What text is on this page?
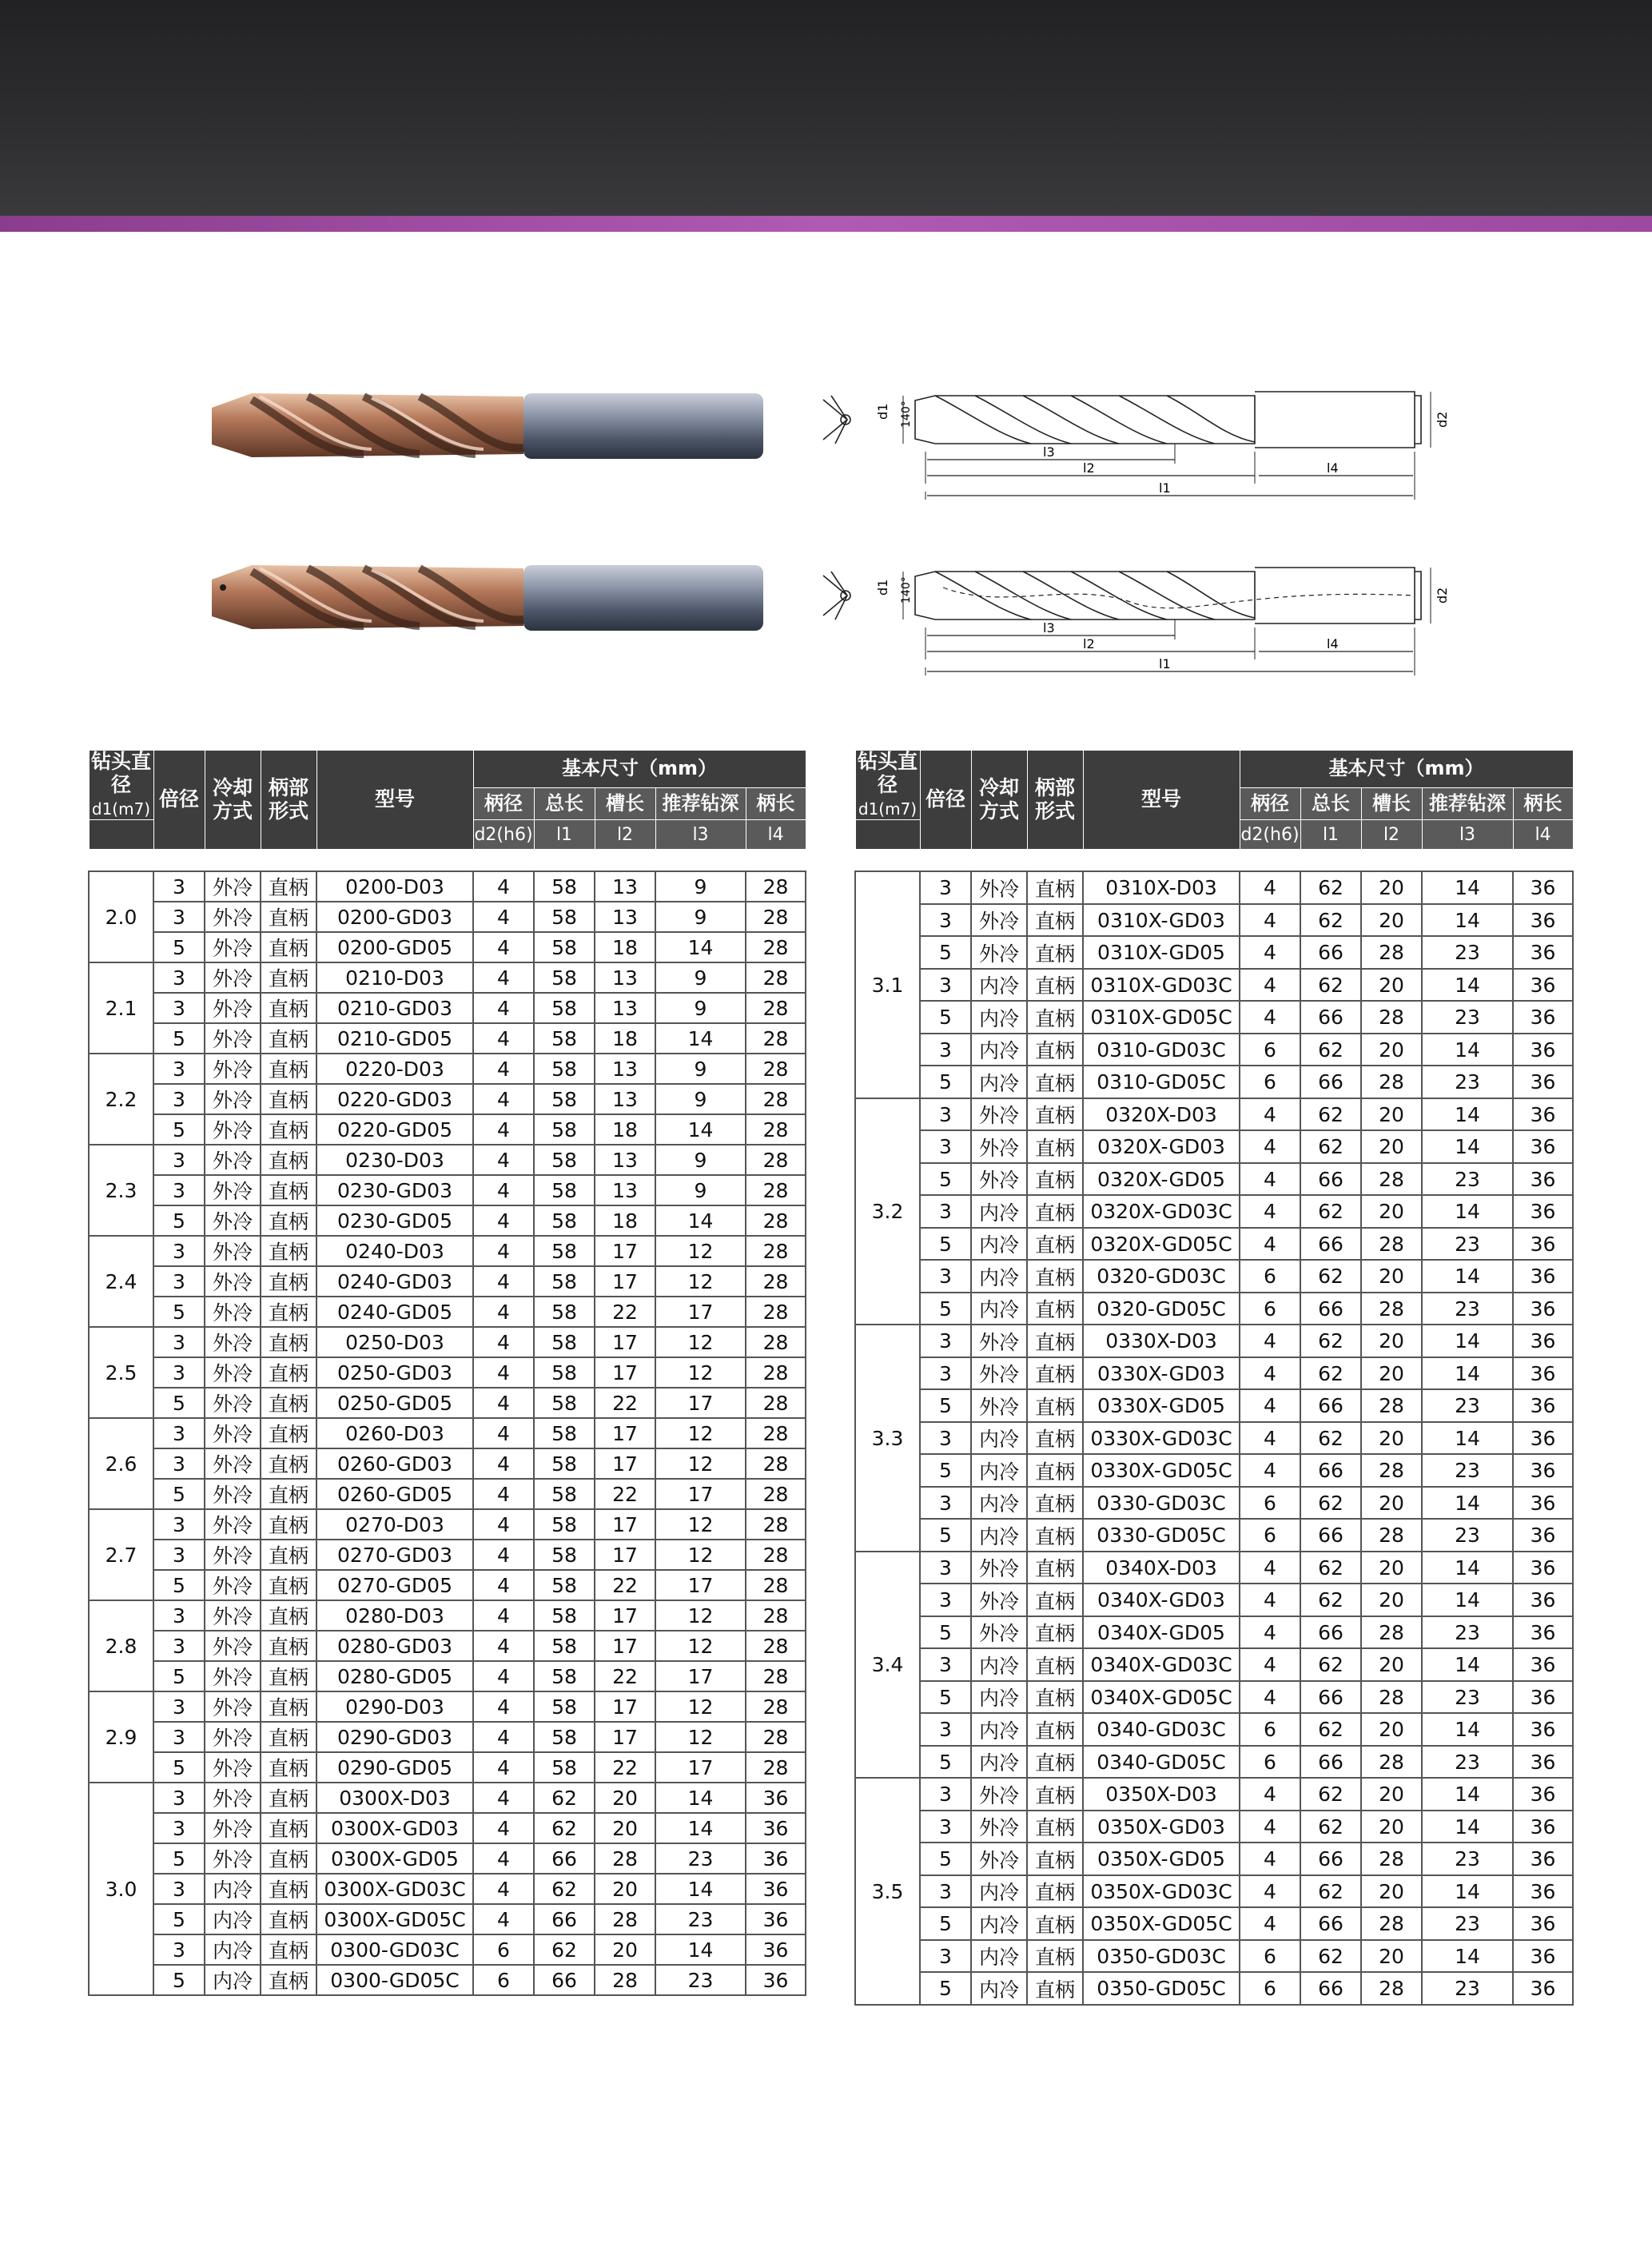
d1 140°	d2
l3
l2	l4
l1
d1 140°	d2
l3
l2	l4
l1
钻头直径
d1(m7)	倍径	冷却方式	柄部形式	型号	基本尺寸（mm）				
					柄径	总长	槽长	推荐钻深	柄长
					d2(h6)	l1	l2	l3	l4

2.0	3	外冷	直柄	0200-D03	4	58	13	9	28
	3	外冷	直柄	0200-GD03	4	58	13	9	28
	5	外冷	直柄	0200-GD05	4	58	18	14	28
2.1	3	外冷	直柄	0210-D03	4	58	13	9	28
	3	外冷	直柄	0210-GD03	4	58	13	9	28
	5	外冷	直柄	0210-GD05	4	58	18	14	28
2.2	3	外冷	直柄	0220-D03	4	58	13	9	28
	3	外冷	直柄	0220-GD03	4	58	13	9	28
	5	外冷	直柄	0220-GD05	4	58	18	14	28
2.3	3	外冷	直柄	0230-D03	4	58	13	9	28
	3	外冷	直柄	0230-GD03	4	58	13	9	28
	5	外冷	直柄	0230-GD05	4	58	18	14	28
2.4	3	外冷	直柄	0240-D03	4	58	17	12	28
	3	外冷	直柄	0240-GD03	4	58	17	12	28
	5	外冷	直柄	0240-GD05	4	58	22	17	28
2.5	3	外冷	直柄	0250-D03	4	58	17	12	28
	3	外冷	直柄	0250-GD03	4	58	17	12	28
	5	外冷	直柄	0250-GD05	4	58	22	17	28
2.6	3	外冷	直柄	0260-D03	4	58	17	12	28
	3	外冷	直柄	0260-GD03	4	58	17	12	28
	5	外冷	直柄	0260-GD05	4	58	22	17	28
2.7	3	外冷	直柄	0270-D03	4	58	17	12	28
	3	外冷	直柄	0270-GD03	4	58	17	12	28
	5	外冷	直柄	0270-GD05	4	58	22	17	28
2.8	3	外冷	直柄	0280-D03	4	58	17	12	28
	3	外冷	直柄	0280-GD03	4	58	17	12	28
	5	外冷	直柄	0280-GD05	4	58	22	17	28
2.9	3	外冷	直柄	0290-D03	4	58	17	12	28
	3	外冷	直柄	0290-GD03	4	58	17	12	28
	5	外冷	直柄	0290-GD05	4	58	22	17	28
3.0	3	外冷	直柄	0300X-D03	4	62	20	14	36
	3	外冷	直柄	0300X-GD03	4	62	20	14	36
	5	外冷	直柄	0300X-GD05	4	66	28	23	36
	3	内冷	直柄	0300X-GD03C	4	62	20	14	36
	5	内冷	直柄	0300X-GD05C	4	66	28	23	36
	3	内冷	直柄	0300-GD03C	6	62	20	14	36
	5	内冷	直柄	0300-GD05C	6	66	28	23	36
钻头直径
d1(m7)	倍径	冷却方式	柄部形式	型号	基本尺寸（mm）				
					柄径	总长	槽长	推荐钻深	柄长
					d2(h6)	l1	l2	l3	l4

3.1	3	外冷	直柄	0310X-D03	4	62	20	14	36
	3	外冷	直柄	0310X-GD03	4	62	20	14	36
	5	外冷	直柄	0310X-GD05	4	66	28	23	36
	3	内冷	直柄	0310X-GD03C	4	62	20	14	36
	5	内冷	直柄	0310X-GD05C	4	66	28	23	36
	3	内冷	直柄	0310-GD03C	6	62	20	14	36
	5	内冷	直柄	0310-GD05C	6	66	28	23	36
3.2	3	外冷	直柄	0320X-D03	4	62	20	14	36
	3	外冷	直柄	0320X-GD03	4	62	20	14	36
	5	外冷	直柄	0320X-GD05	4	66	28	23	36
	3	内冷	直柄	0320X-GD03C	4	62	20	14	36
	5	内冷	直柄	0320X-GD05C	4	66	28	23	36
	3	内冷	直柄	0320-GD03C	6	62	20	14	36
	5	内冷	直柄	0320-GD05C	6	66	28	23	36
3.3	3	外冷	直柄	0330X-D03	4	62	20	14	36
	3	外冷	直柄	0330X-GD03	4	62	20	14	36
	5	外冷	直柄	0330X-GD05	4	66	28	23	36
	3	内冷	直柄	0330X-GD03C	4	62	20	14	36
	5	内冷	直柄	0330X-GD05C	4	66	28	23	36
	3	内冷	直柄	0330-GD03C	6	62	20	14	36
	5	内冷	直柄	0330-GD05C	6	66	28	23	36
3.4	3	外冷	直柄	0340X-D03	4	62	20	14	36
	3	外冷	直柄	0340X-GD03	4	62	20	14	36
	5	外冷	直柄	0340X-GD05	4	66	28	23	36
	3	内冷	直柄	0340X-GD03C	4	62	20	14	36
	5	内冷	直柄	0340X-GD05C	4	66	28	23	36
	3	内冷	直柄	0340-GD03C	6	62	20	14	36
	5	内冷	直柄	0340-GD05C	6	66	28	23	36
3.5	3	外冷	直柄	0350X-D03	4	62	20	14	36
	3	外冷	直柄	0350X-GD03	4	62	20	14	36
	5	外冷	直柄	0350X-GD05	4	66	28	23	36
	3	内冷	直柄	0350X-GD03C	4	62	20	14	36
	5	内冷	直柄	0350X-GD05C	4	66	28	23	36
	3	内冷	直柄	0350-GD03C	6	62	20	14	36
	5	内冷	直柄	0350-GD05C	6	66	28	23	36
